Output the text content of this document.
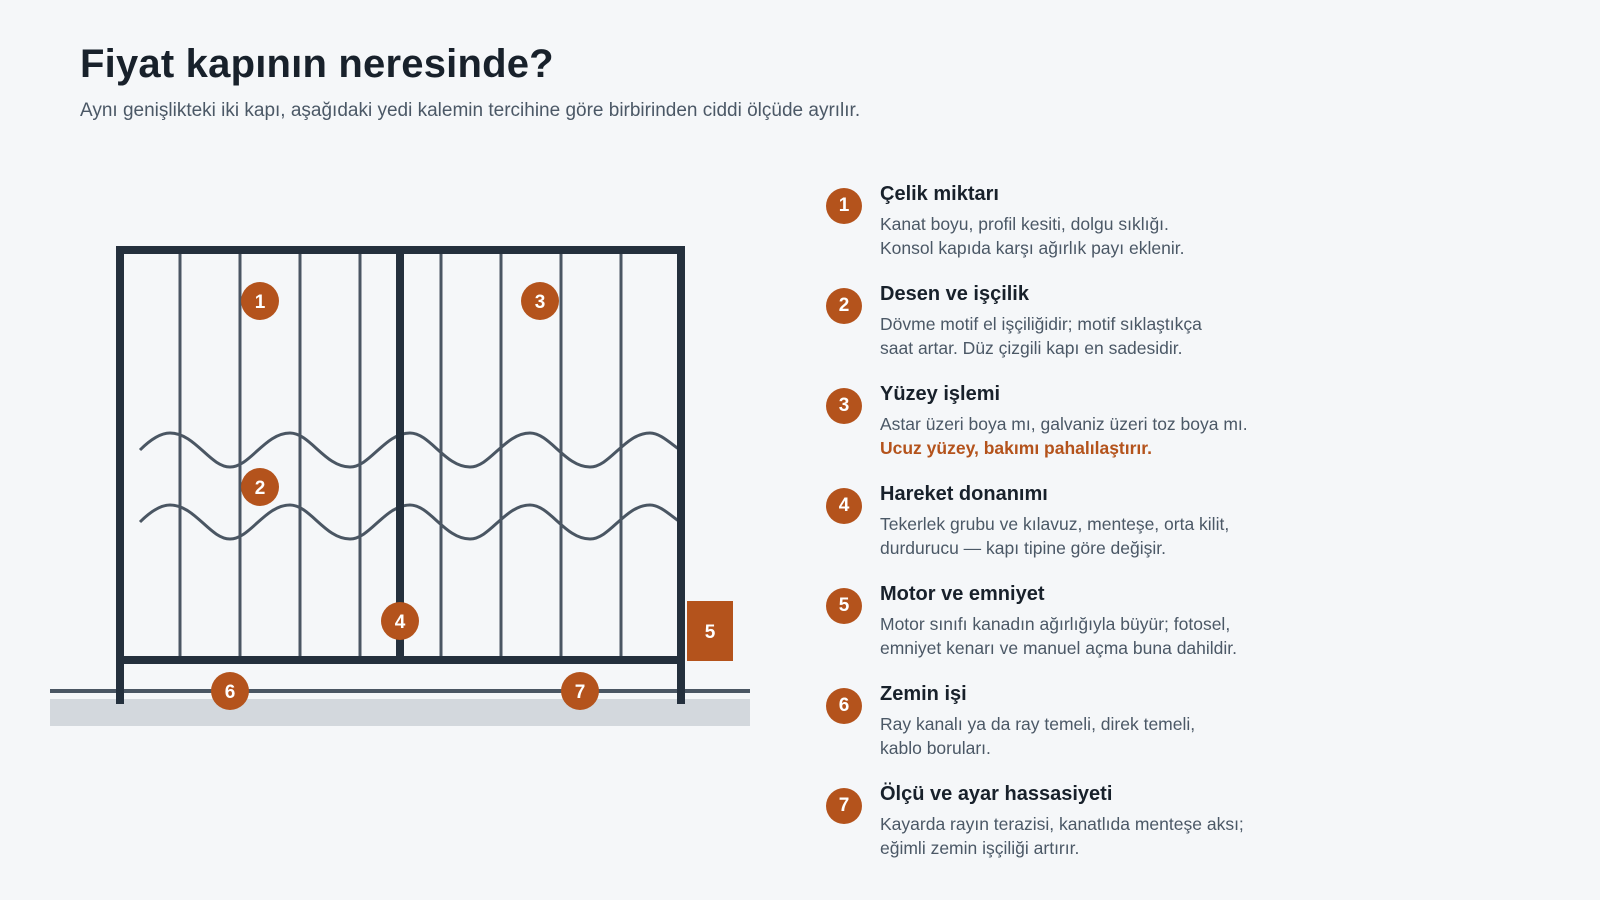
Fiyat kapının neresinde?

Aynı genişlikteki iki kapı, aşağıdaki yedi kalemin tercihine göre birbirinden ciddi ölçüde ayrılır.

5
1	3
2
4
6	7
1

Çelik miktarı

Kanat boyu, profil kesiti, dolgu sıklığı.

Konsol kapıda karşı ağırlık payı eklenir.

2

Desen ve işçilik

Dövme motif el işçiliğidir; motif sıklaştıkça

saat artar. Düz çizgili kapı en sadesidir.

3

Yüzey işlemi

Astar üzeri boya mı, galvaniz üzeri toz boya mı.

Ucuz yüzey, bakımı pahalılaştırır.

4

Hareket donanımı

Tekerlek grubu ve kılavuz, menteşe, orta kilit,

durdurucu — kapı tipine göre değişir.

5

Motor ve emniyet

Motor sınıfı kanadın ağırlığıyla büyür; fotosel,

emniyet kenarı ve manuel açma buna dahildir.

6

Zemin işi

Ray kanalı ya da ray temeli, direk temeli,

kablo boruları.

7

Ölçü ve ayar hassasiyeti

Kayarda rayın terazisi, kanatlıda menteşe aksı;

eğimli zemin işçiliği artırır.
